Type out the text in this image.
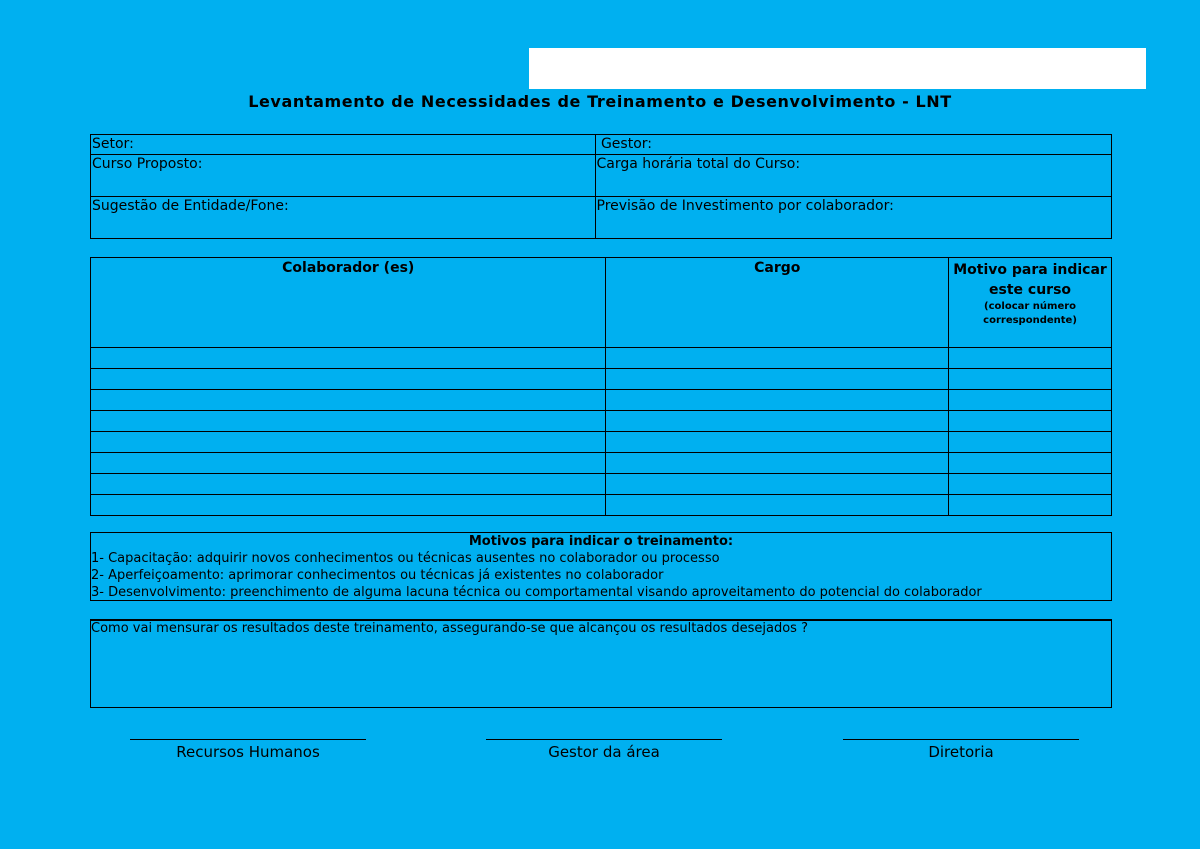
Levantamento de Necessidades de Treinamento e Desenvolvimento - LNT
Setor:	Gestor:
Curso Proposto:	Carga horária total do Curso:
Sugestão de Entidade/Fone:	Previsão de Investimento por colaborador:
Colaborador (es)	Cargo	Motivo para indicar este curso
(colocar número correspondente)

Motivos para indicar o treinamento:
1- Capacitação: adquirir novos conhecimentos ou técnicas ausentes no colaborador ou processo
2- Aperfeiçoamento: aprimorar conhecimentos ou técnicas já existentes no colaborador
3- Desenvolvimento: preenchimento de alguma lacuna técnica ou comportamental visando aproveitamento do potencial do colaborador
Como vai mensurar os resultados deste treinamento, assegurando-se que alcançou os resultados desejados ?
Recursos Humanos	Gestor da área	Diretoria
